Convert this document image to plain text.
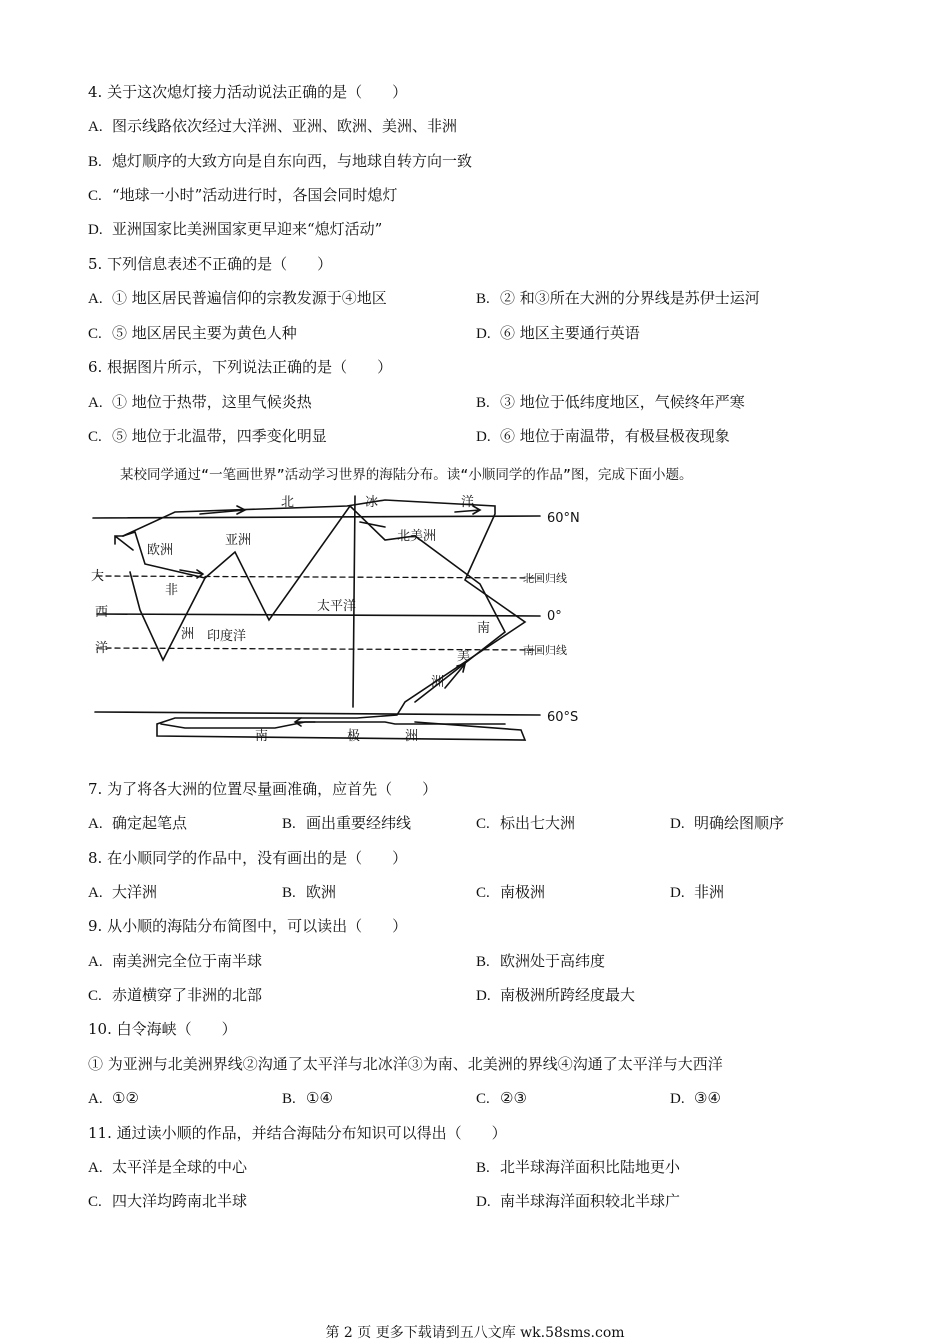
4. 关于这次熄灯接力活动说法正确的是（　　）
A. 图示线路依次经过大洋洲、亚洲、欧洲、美洲、非洲
B. 熄灯顺序的大致方向是自东向西，与地球自转方向一致
C. “地球一小时”活动进行时，各国会同时熄灯
D. 亚洲国家比美洲国家更早迎来“熄灯活动”
5. 下列信息表述不正确的是（　　）
A. ① 地区居民普遍信仰的宗教发源于④地区	B. ② 和③所在大洲的分界线是苏伊士运河
C. ⑤ 地区居民主要为黄色人种	D. ⑥ 地区主要通行英语
6. 根据图片所示，下列说法正确的是（　　）
A. ① 地位于热带，这里气候炎热	B. ③ 地位于低纬度地区，气候终年严寒
C. ⑤ 地位于北温带，四季变化明显	D. ⑥ 地位于南温带，有极昼极夜现象
某校同学通过“一笔画世界”活动学习世界的海陆分布。读“小顺同学的作品”图，完成下面小题。
60°N
北回归线
0°
南回归线
60°S
欧洲
亚洲	北美洲
非
洲
太平洋
印度洋
南
美
洲
南	极	洲
北	冰	洋
大
西
洋
7. 为了将各大洲的位置尽量画准确，应首先（　　）
A. 确定起笔点	B. 画出重要经纬线	C. 标出七大洲	D. 明确绘图顺序
8. 在小顺同学的作品中，没有画出的是（　　）
A. 大洋洲	B. 欧洲	C. 南极洲	D. 非洲
9. 从小顺的海陆分布简图中，可以读出（　　）
A. 南美洲完全位于南半球	B. 欧洲处于高纬度
C. 赤道横穿了非洲的北部	D. 南极洲所跨经度最大
10. 白令海峡（　　）
① 为亚洲与北美洲界线②沟通了太平洋与北冰洋③为南、北美洲的界线④沟通了太平洋与大西洋
A. ①②	B. ①④	C. ②③	D. ③④
11. 通过读小顺的作品，并结合海陆分布知识可以得出（　　）
A. 太平洋是全球的中心	B. 北半球海洋面积比陆地更小
C. 四大洋均跨南北半球	D. 南半球海洋面积较北半球广
第 2 页 更多下载请到五八文库 wk.58sms.com
